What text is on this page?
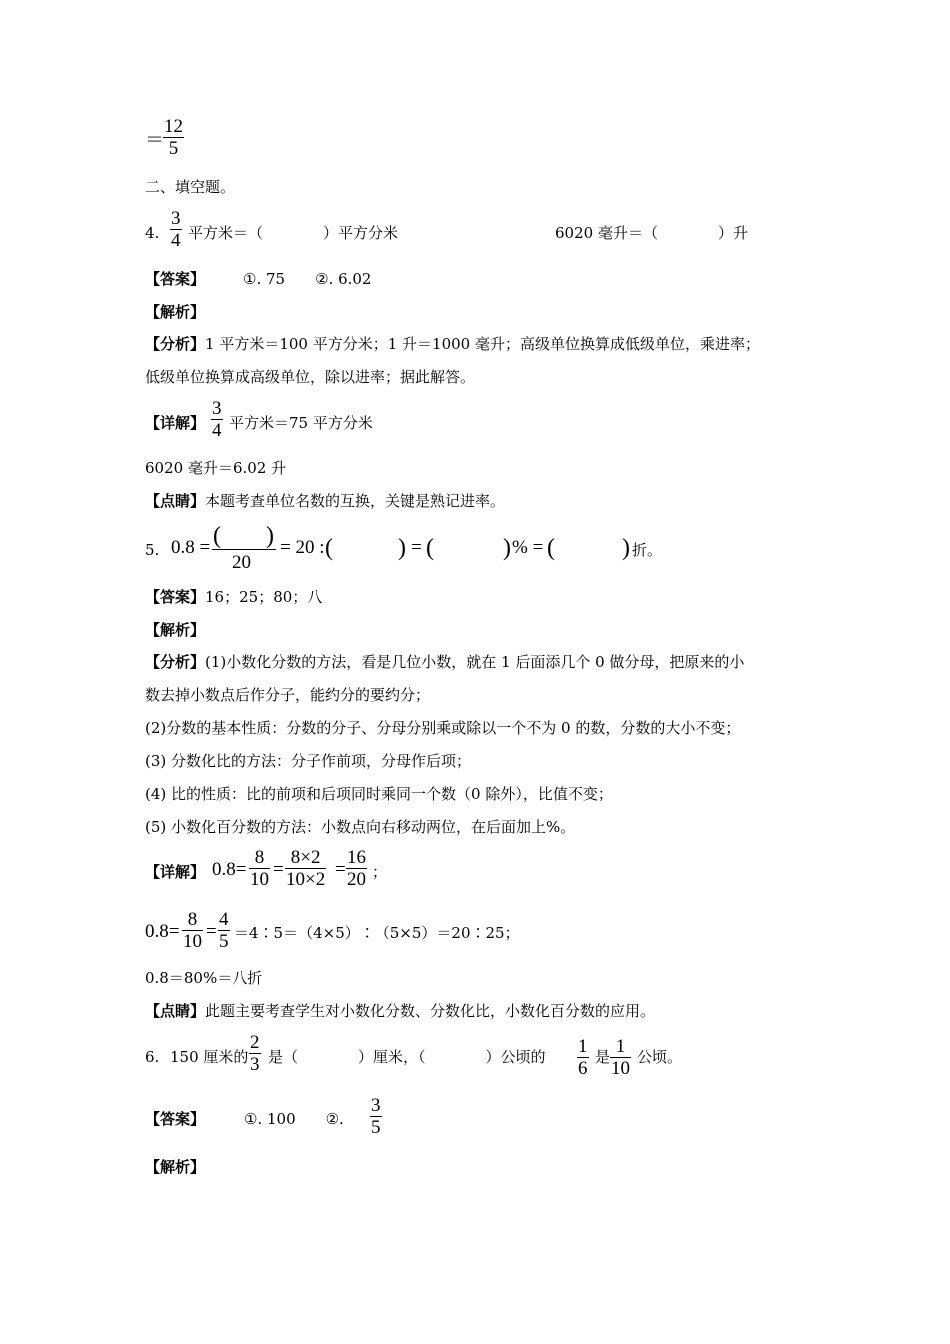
＝
$\frac{12}{5}$
二、填空题。
4. $\frac{3}{4}$ 平方米＝（　　　　）平方分米	6020 毫升＝（　　　　）升
【答案】	①. 75　　②. 6.02
【解析】
【分析】1 平方米＝100 平方分米；1 升＝1000 毫升；高级单位换算成低级单位，乘进率；
低级单位换算成高级单位，除以进率；据此解答。
【详解】 $\frac{3}{4}$ 平方米＝75 平方分米
6020 毫升＝6.02 升
【点睛】本题考查单位名数的互换，关键是熟记进率。
5. 0.8 = ( )
20
= 20 : (	) = (	) % = (	) 折。
【答案】16；25；80；八
【解析】
【分析】(1)小数化分数的方法，看是几位小数，就在 1 后面添几个 0 做分母，把原来的小
数去掉小数点后作分子，能约分的要约分；
(2)分数的基本性质：分数的分子、分母分别乘或除以一个不为 0 的数，分数的大小不变；
(3) 分数化比的方法：分子作前项，分母作后项；
(4) 比的性质：比的前项和后项同时乘同一个数（0 除外），比值不变；
(5) 小数化百分数的方法：小数点向右移动两位，在后面加上%。
【详解】 $0.8= \frac{8}{10} = \frac{8\times 2}{10\times 2} = \frac{16}{20}$ ；
$0.8= \frac{8}{10} = \frac{4}{5}$ ＝4∶5＝（4×5）∶（5×5）＝20∶25；
0.8＝80%＝八折
【点睛】此题主要考查学生对小数化分数、分数化比，小数化百分数的应用。
6. 150 厘米的 $\frac{2}{3}$ 是（　　　　）厘米，（　　　　）公顷的 $\frac{1}{6}$ 是 $\frac{1}{10}$ 公顷。
【答案】	①. 100　　②. $\frac{3}{5}$
【解析】
